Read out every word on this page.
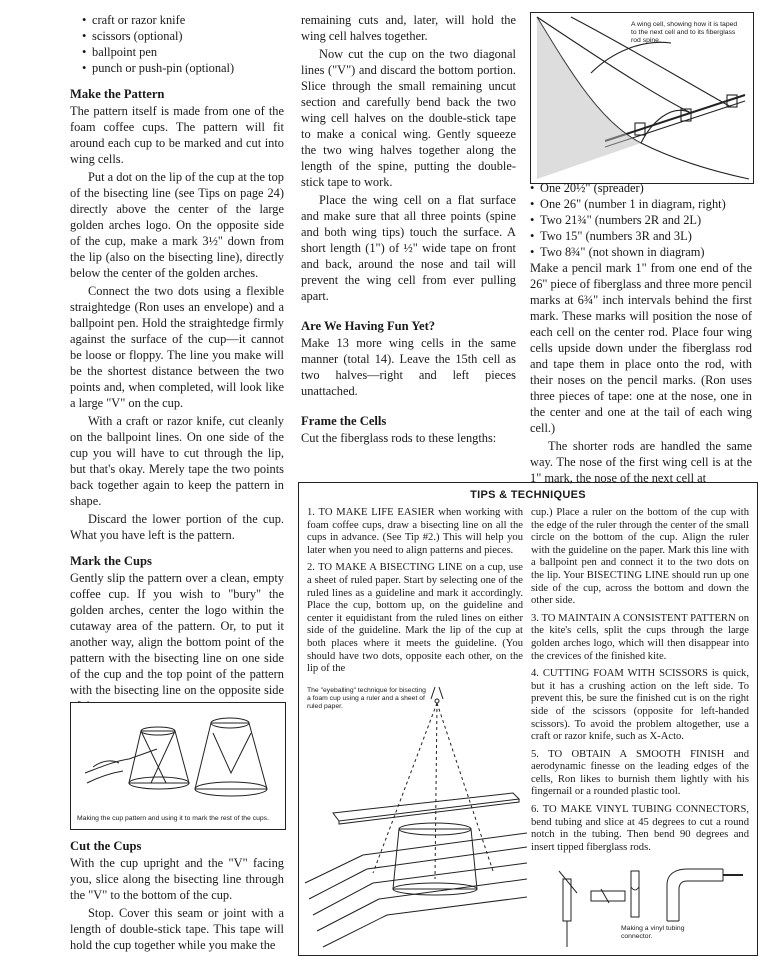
• craft or razor knife
• scissors (optional)
• ballpoint pen
• punch or push-pin (optional)
Make the Pattern

The pattern itself is made from one of the foam coffee cups. The pattern will fit around each cup to be marked and cut into wing cells.

Put a dot on the lip of the cup at the top of the bisecting line (see Tips on page 24) directly above the center of the large golden arches logo. On the opposite side of the cup, make a mark 3½" down from the lip (also on the bisecting line), directly below the center of the golden arches.

Connect the two dots using a flexible straightedge (Ron uses an envelope) and a ballpoint pen. Hold the straightedge firmly against the surface of the cup—it cannot be loose or floppy. The line you make will be the shortest distance between the two points and, when completed, will look like a large "V" on the cup.

With a craft or razor knife, cut cleanly on the ballpoint lines. On one side of the cup you will have to cut through the lip, but that's okay. Merely tape the two points back together again to keep the pattern in shape.

Discard the lower portion of the cup. What you have left is the pattern.

Mark the Cups

Gently slip the pattern over a clean, empty coffee cup. If you wish to "bury" the golden arches, center the logo within the cutaway area of the pattern. Or, to put it another way, align the bottom point of the pattern with the bisecting line on one side of the cup and the top point of the pattern with the bisecting line on the opposite side

Making the cup pattern and using it to mark the rest of the cups.
Cut the Cups

With the cup upright and the "V" facing you, slice along the bisecting line through the "V" to the bottom of the cup.

Stop. Cover this seam or joint with a length of double-stick tape. This tape will hold the cup together while you make the

remaining cuts and, later, will hold the wing cell halves together.

Now cut the cup on the two diagonal lines ("V") and discard the bottom portion. Slice through the small remaining uncut section and carefully bend back the two wing cell halves on the double-stick tape to make a conical wing. Gently squeeze the two wing halves together along the length of the spine, putting the double-stick tape to work.

Place the wing cell on a flat surface and make sure that all three points (spine and both wing tips) touch the surface. A short length (1") of ½" wide tape on front and back, around the nose and tail will prevent the wing cell from ever pulling apart.

Are We Having Fun Yet?

Make 13 more wing cells in the same manner (total 14). Leave the 15th cell as two halves—right and left pieces unattached.

Frame the Cells

Cut the fiberglass rods to these lengths:

A wing cell, showing how it is taped to the next cell and to its fiberglass rod spine.
• One 20½" (spreader)
• One 26" (number 1 in diagram, right)
• Two 21¾" (numbers 2R and 2L)
• Two 15" (numbers 3R and 3L)
• Two 8¾" (not shown in diagram)

Make a pencil mark 1" from one end of the 26" piece of fiberglass and three more pencil marks at 6¾" inch intervals behind the first mark. These marks will position the nose of each cell on the center rod. Place four wing cells upside down under the fiberglass rod and tape them in place onto the rod, with their noses on the pencil marks. (Ron uses three pieces of tape: one at the nose, one in the center and one at the tail of each wing cell.)

The shorter rods are handled the same way. The nose of the first wing cell is at the 1" mark, the nose of the next cell at

TIPS & TECHNIQUES

1. TO MAKE LIFE EASIER when working with foam coffee cups, draw a bisecting line on all the cups in advance. (See Tip #2.) This will help you later when you need to align patterns and pieces.

2. TO MAKE A BISECTING LINE on a cup, use a sheet of ruled paper. Start by selecting one of the ruled lines as a guideline and mark it accordingly. Place the cup, bottom up, on the guideline and center it equidistant from the ruled lines on either side of the guideline. Mark the lip of the cup at both places where it meets the guideline. (You should have two dots, opposite each other, on the lip of the

cup.) Place a ruler on the bottom of the cup with the edge of the ruler through the center of the small circle on the bottom of the cup. Align the ruler with the guideline on the paper. Mark this line with a ballpoint pen and connect it to the two dots on the lip. Your BISECTING LINE should run up one side of the cup, across the bottom and down the other side.

3. TO MAINTAIN A CONSISTENT PATTERN on the kite's cells, split the cups through the large golden arches logo, which will then disappear into the crevices of the finished kite.

4. CUTTING FOAM WITH SCISSORS is quick, but it has a crushing action on the left side. To prevent this, be sure the finished cut is on the right side of the scissors (opposite for left-handed scissors). To avoid the problem altogether, use a craft or razor knife, such as X-Acto.

5. TO OBTAIN A SMOOTH FINISH and aerodynamic finesse on the leading edges of the cells, Ron likes to burnish them lightly with his fingernail or a rounded plastic tool.

6. TO MAKE VINYL TUBING CONNECTORS, bend tubing and slice at 45 degrees to cut a round notch in the tubing. Then bend 90 degrees and insert tipped fiberglass rods.

The "eyeballing" technique for bisecting a foam cup using a ruler and a sheet of ruled paper.
Making a vinyl tubing connector.
